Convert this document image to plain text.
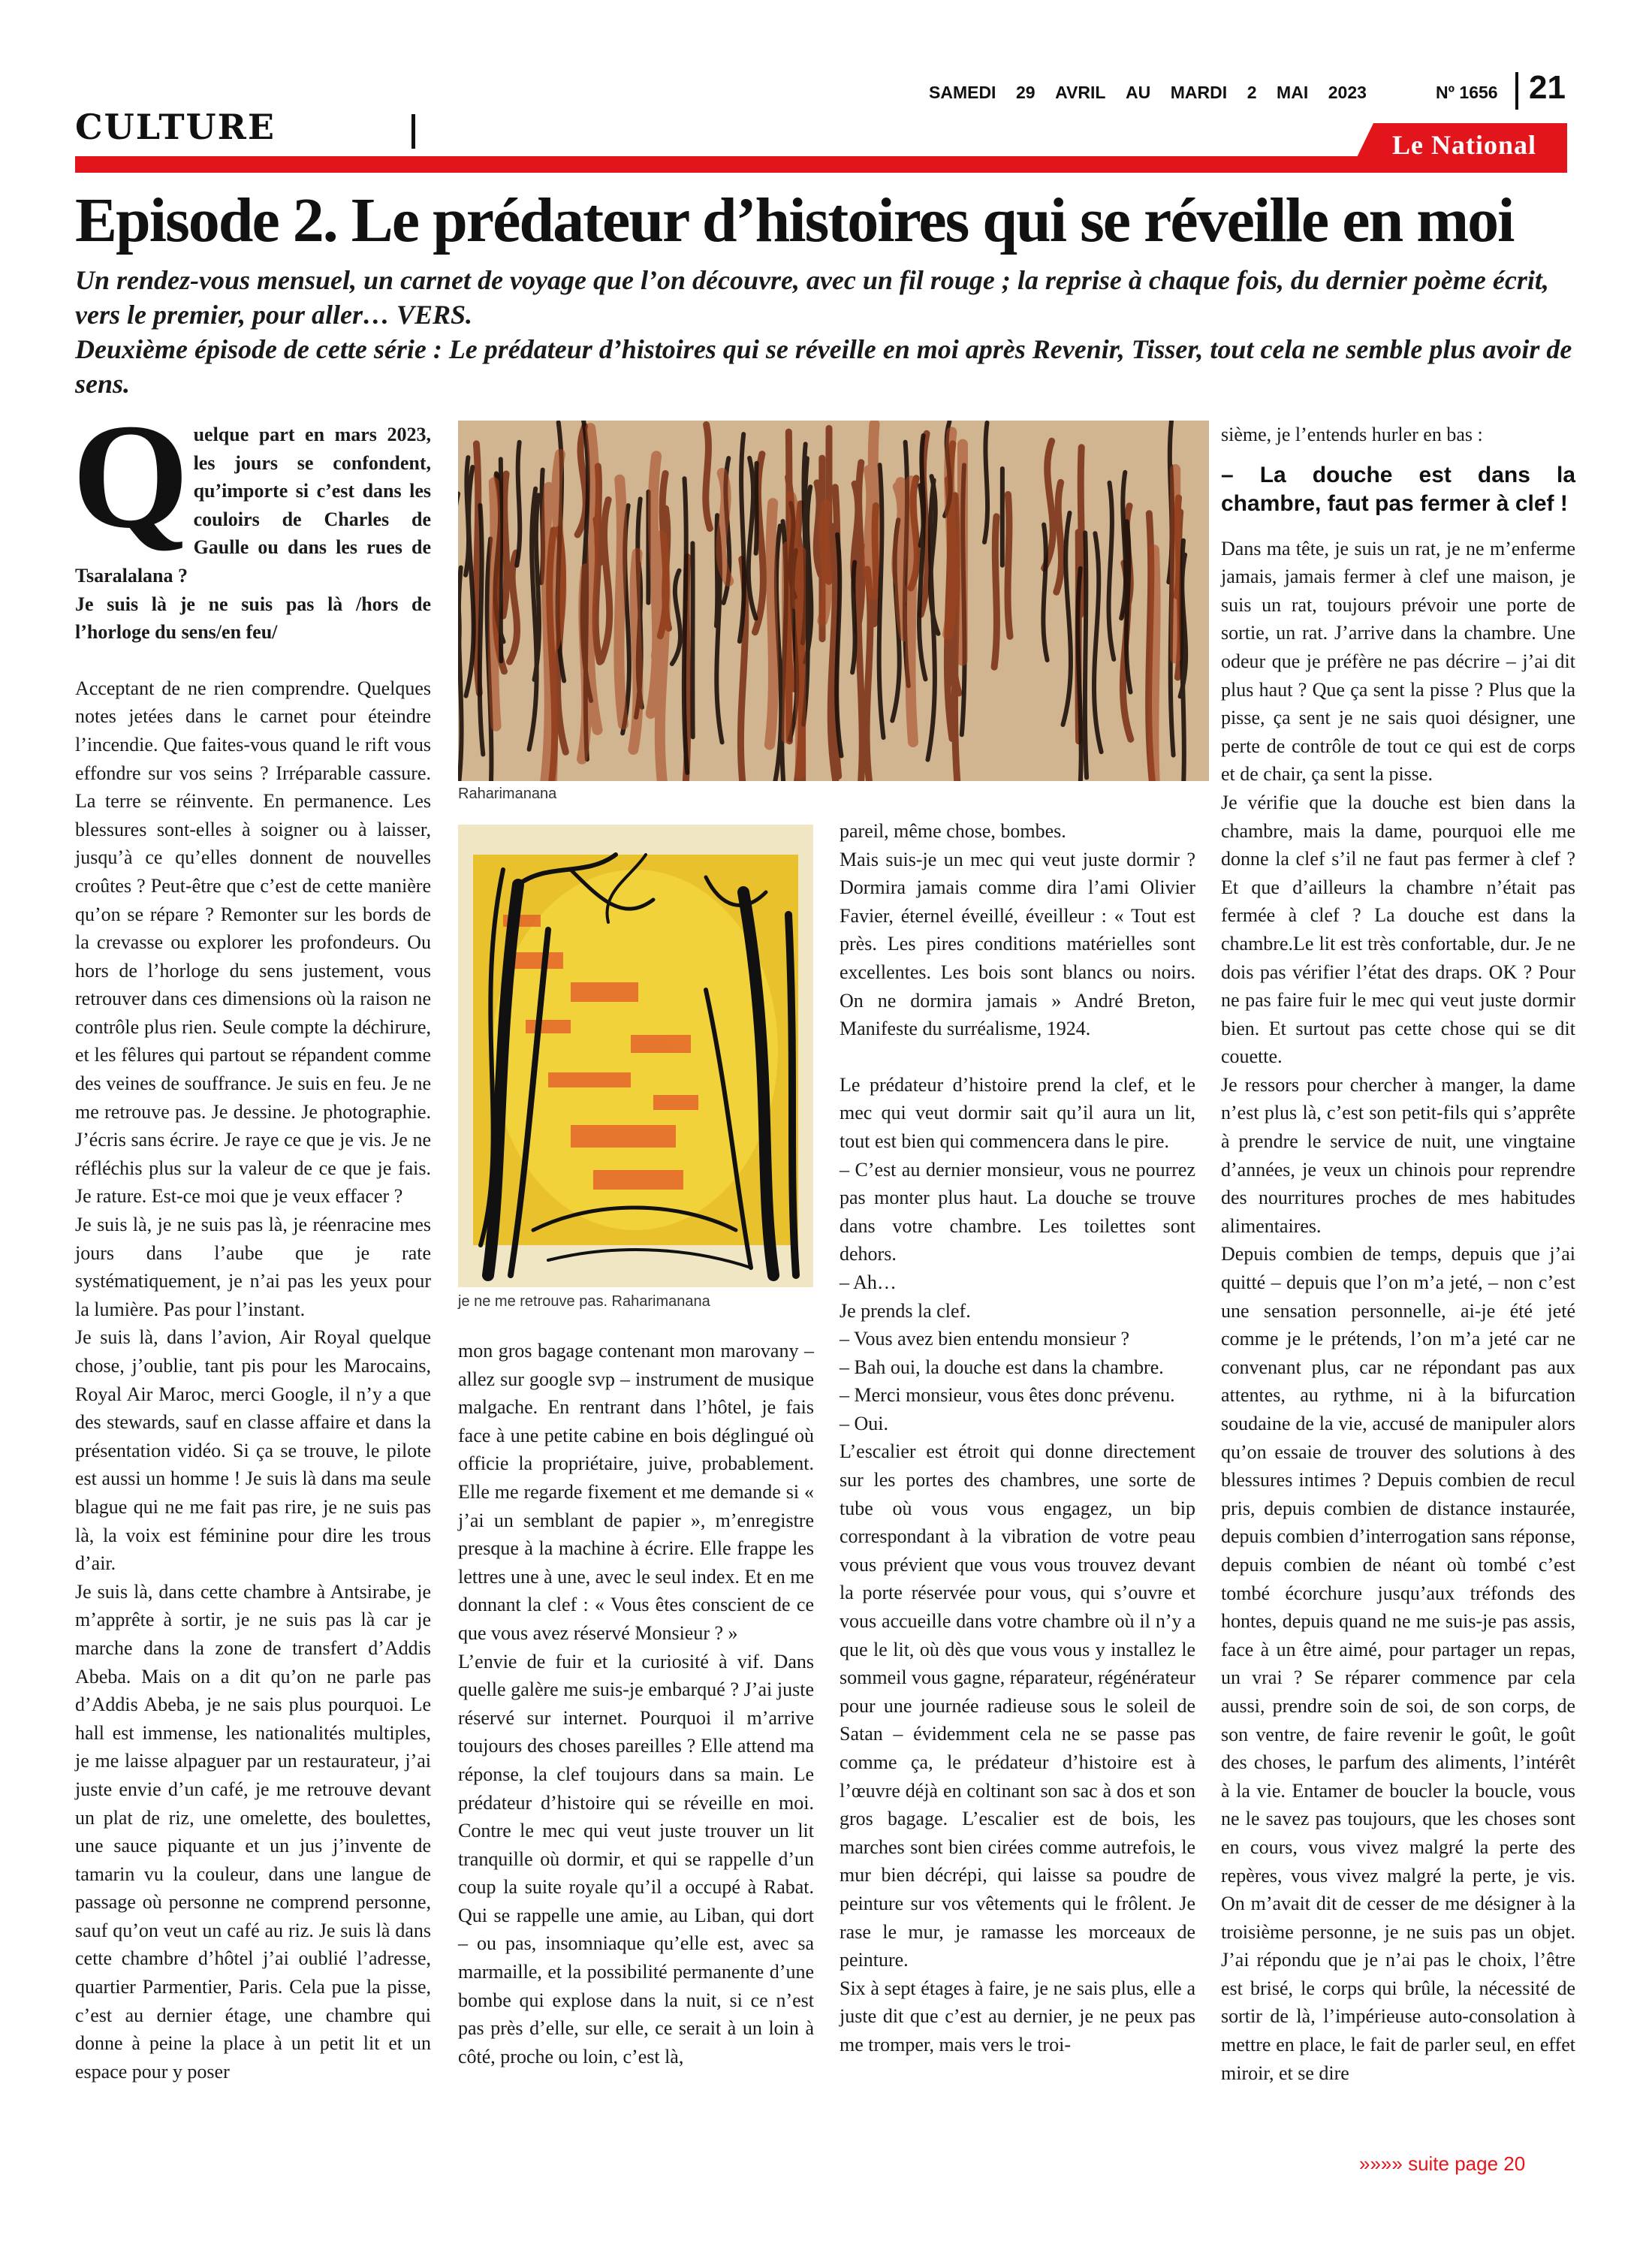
CULTURE
SAMEDI 29 AVRIL AU MARDI 2 MAI 2023	Nº 1656 21
Le National
Episode 2. Le prédateur d’histoires qui se réveille en moi

Un rendez-vous mensuel, un carnet de voyage que l’on découvre, avec un fil rouge ; la reprise à chaque fois, du dernier poème écrit, vers le premier, pour aller… VERS.

Deuxième épisode de cette série : Le prédateur d’histoires qui se réveille en moi après Revenir, Tisser, tout cela ne semble plus avoir de sens.

Q uelque part en mars 2023, les jours se confondent, qu’importe si c’est dans les couloirs de Charles de Gaulle ou dans les rues de Tsaralalana ?

Je suis là je ne suis pas là /hors de l’horloge du sens/en feu/

Acceptant de ne rien comprendre. Quelques notes jetées dans le carnet pour éteindre l’incendie. Que faites-vous quand le rift vous effondre sur vos seins ? Irréparable cassure. La terre se réinvente. En permanence. Les blessures sont-elles à soigner ou à laisser, jusqu’à ce qu’elles donnent de nouvelles croûtes ? Peut-être que c’est de cette manière qu’on se répare ? Remonter sur les bords de la crevasse ou explorer les profondeurs. Ou hors de l’horloge du sens justement, vous retrouver dans ces dimensions où la raison ne contrôle plus rien. Seule compte la déchirure, et les fêlures qui partout se répandent comme des veines de souffrance. Je suis en feu. Je ne me retrouve pas. Je dessine. Je photographie. J’écris sans écrire. Je raye ce que je vis. Je ne réfléchis plus sur la valeur de ce que je fais. Je rature. Est-ce moi que je veux effacer ?

Je suis là, je ne suis pas là, je réenracine mes jours dans l’aube que je rate systématiquement, je n’ai pas les yeux pour la lumière. Pas pour l’instant.

Je suis là, dans l’avion, Air Royal quelque chose, j’oublie, tant pis pour les Marocains, Royal Air Maroc, merci Google, il n’y a que des stewards, sauf en classe affaire et dans la présentation vidéo. Si ça se trouve, le pilote est aussi un homme ! Je suis là dans ma seule blague qui ne me fait pas rire, je ne suis pas là, la voix est féminine pour dire les trous d’air.

Je suis là, dans cette chambre à Antsirabe, je m’apprête à sortir, je ne suis pas là car je marche dans la zone de transfert d’Addis Abeba. Mais on a dit qu’on ne parle pas d’Addis Abeba, je ne sais plus pourquoi. Le hall est immense, les nationalités multiples, je me laisse alpaguer par un restaurateur, j’ai juste envie d’un café, je me retrouve devant un plat de riz, une omelette, des boulettes, une sauce piquante et un jus j’invente de tamarin vu la couleur, dans une langue de passage où personne ne comprend personne, sauf qu’on veut un café au riz. Je suis là dans cette chambre d’hôtel j’ai oublié l’adresse, quartier Parmentier, Paris. Cela pue la pisse, c’est au dernier étage, une chambre qui donne à peine la place à un petit lit et un espace pour y poser

Raharimanana
je ne me retrouve pas. Raharimanana

mon gros bagage contenant mon marovany – allez sur google svp – instrument de musique malgache. En rentrant dans l’hôtel, je fais face à une petite cabine en bois déglingué où officie la propriétaire, juive, probablement. Elle me regarde fixement et me demande si « j’ai un semblant de papier », m’enregistre presque à la machine à écrire. Elle frappe les lettres une à une, avec le seul index. Et en me donnant la clef : « Vous êtes conscient de ce que vous avez réservé Monsieur ? »

L’envie de fuir et la curiosité à vif. Dans quelle galère me suis-je embarqué ? J’ai juste réservé sur internet. Pourquoi il m’arrive toujours des choses pareilles ? Elle attend ma réponse, la clef toujours dans sa main. Le prédateur d’histoire qui se réveille en moi. Contre le mec qui veut juste trouver un lit tranquille où dormir, et qui se rappelle d’un coup la suite royale qu’il a occupé à Rabat. Qui se rappelle une amie, au Liban, qui dort – ou pas, insomniaque qu’elle est, avec sa marmaille, et la possibilité permanente d’une bombe qui explose dans la nuit, si ce n’est pas près d’elle, sur elle, ce serait à un loin à côté, proche ou loin, c’est là,

pareil, même chose, bombes.

Mais suis-je un mec qui veut juste dormir ? Dormira jamais comme dira l’ami Olivier Favier, éternel éveillé, éveilleur : « Tout est près. Les pires conditions matérielles sont excellentes. Les bois sont blancs ou noirs. On ne dormira jamais » André Breton, Manifeste du surréalisme, 1924.

Le prédateur d’histoire prend la clef, et le mec qui veut dormir sait qu’il aura un lit, tout est bien qui commencera dans le pire.

– C’est au dernier monsieur, vous ne pourrez pas monter plus haut. La douche se trouve dans votre chambre. Les toilettes sont dehors.

– Ah…

Je prends la clef.

– Vous avez bien entendu monsieur ?

– Bah oui, la douche est dans la chambre.

– Merci monsieur, vous êtes donc prévenu.

– Oui.

L’escalier est étroit qui donne directement sur les portes des chambres, une sorte de tube où vous vous engagez, un bip correspondant à la vibration de votre peau vous prévient que vous vous trouvez devant la porte réservée pour vous, qui s’ouvre et vous accueille dans votre chambre où il n’y a que le lit, où dès que vous vous y installez le sommeil vous gagne, réparateur, régénérateur pour une journée radieuse sous le soleil de Satan – évidemment cela ne se passe pas comme ça, le prédateur d’histoire est à l’œuvre déjà en coltinant son sac à dos et son gros bagage. L’escalier est de bois, les marches sont bien cirées comme autrefois, le mur bien décrépi, qui laisse sa poudre de peinture sur vos vêtements qui le frôlent. Je rase le mur, je ramasse les morceaux de peinture.

Six à sept étages à faire, je ne sais plus, elle a juste dit que c’est au dernier, je ne peux pas me tromper, mais vers le troi-

sième, je l’entends hurler en bas :

– La douche est dans la chambre, faut pas fermer à clef !

Dans ma tête, je suis un rat, je ne m’enferme jamais, jamais fermer à clef une maison, je suis un rat, toujours prévoir une porte de sortie, un rat. J’arrive dans la chambre. Une odeur que je préfère ne pas décrire – j’ai dit plus haut ? Que ça sent la pisse ? Plus que la pisse, ça sent je ne sais quoi désigner, une perte de contrôle de tout ce qui est de corps et de chair, ça sent la pisse.

Je vérifie que la douche est bien dans la chambre, mais la dame, pourquoi elle me donne la clef s’il ne faut pas fermer à clef ? Et que d’ailleurs la chambre n’était pas fermée à clef ? La douche est dans la chambre.Le lit est très confortable, dur. Je ne dois pas vérifier l’état des draps. OK ? Pour ne pas faire fuir le mec qui veut juste dormir bien. Et surtout pas cette chose qui se dit couette.

Je ressors pour chercher à manger, la dame n’est plus là, c’est son petit-fils qui s’apprête à prendre le service de nuit, une vingtaine d’années, je veux un chinois pour reprendre des nourritures proches de mes habitudes alimentaires.

Depuis combien de temps, depuis que j’ai quitté – depuis que l’on m’a jeté, – non c’est une sensation personnelle, ai-je été jeté comme je le prétends, l’on m’a jeté car ne convenant plus, car ne répondant pas aux attentes, au rythme, ni à la bifurcation soudaine de la vie, accusé de manipuler alors qu’on essaie de trouver des solutions à des blessures intimes ? Depuis combien de recul pris, depuis combien de distance instaurée, depuis combien d’interrogation sans réponse, depuis combien de néant où tombé c’est tombé écorchure jusqu’aux tréfonds des hontes, depuis quand ne me suis-je pas assis, face à un être aimé, pour partager un repas, un vrai ? Se réparer commence par cela aussi, prendre soin de soi, de son corps, de son ventre, de faire revenir le goût, le goût des choses, le parfum des aliments, l’intérêt à la vie. Entamer de boucler la boucle, vous ne le savez pas toujours, que les choses sont en cours, vous vivez malgré la perte des repères, vous vivez malgré la perte, je vis. On m’avait dit de cesser de me désigner à la troisième personne, je ne suis pas un objet. J’ai répondu que je n’ai pas le choix, l’être est brisé, le corps qui brûle, la nécessité de sortir de là, l’impérieuse auto-consolation à mettre en place, le fait de parler seul, en effet miroir, et se dire

»»»» suite page 20
